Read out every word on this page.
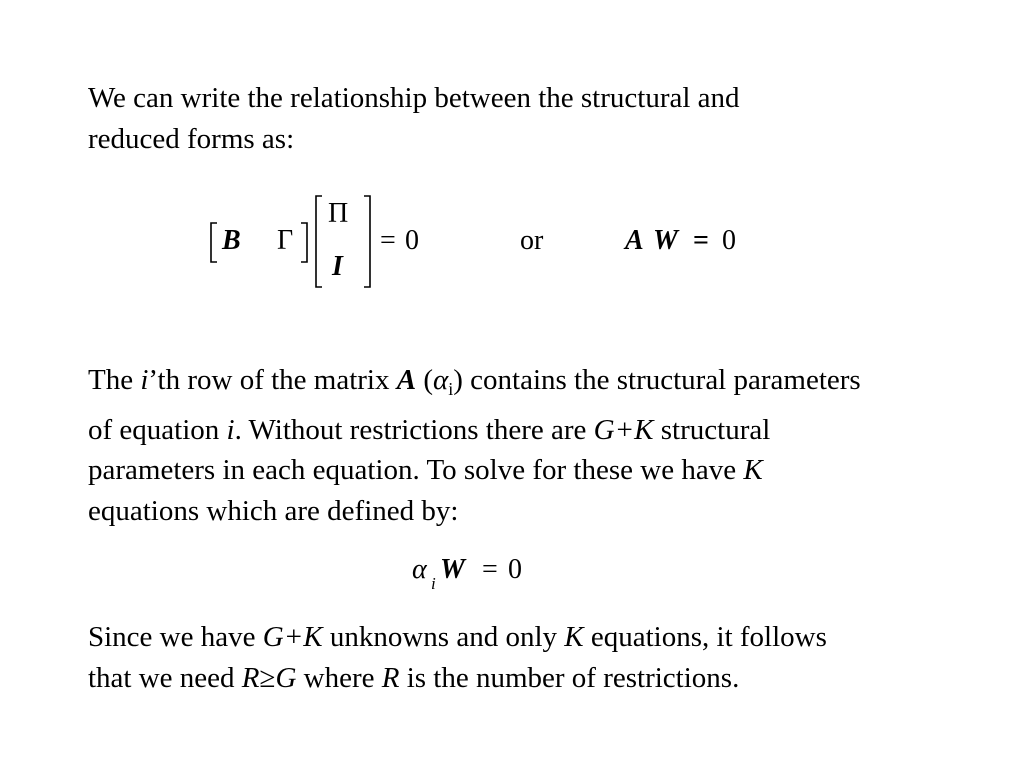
We can write the relationship between the structural and
reduced forms as:
B Γ
Π
I
= 0	or	A W = 0
The i’th row of the matrix A $(\alpha_i)$ contains the structural parameters
of equation i. Without restrictions there are G+K structural
parameters in each equation. To solve for these we have K
equations which are defined by:
α i W = 0
Since we have G+K unknowns and only K equations, it follows
that we need R≥G where R is the number of restrictions.
